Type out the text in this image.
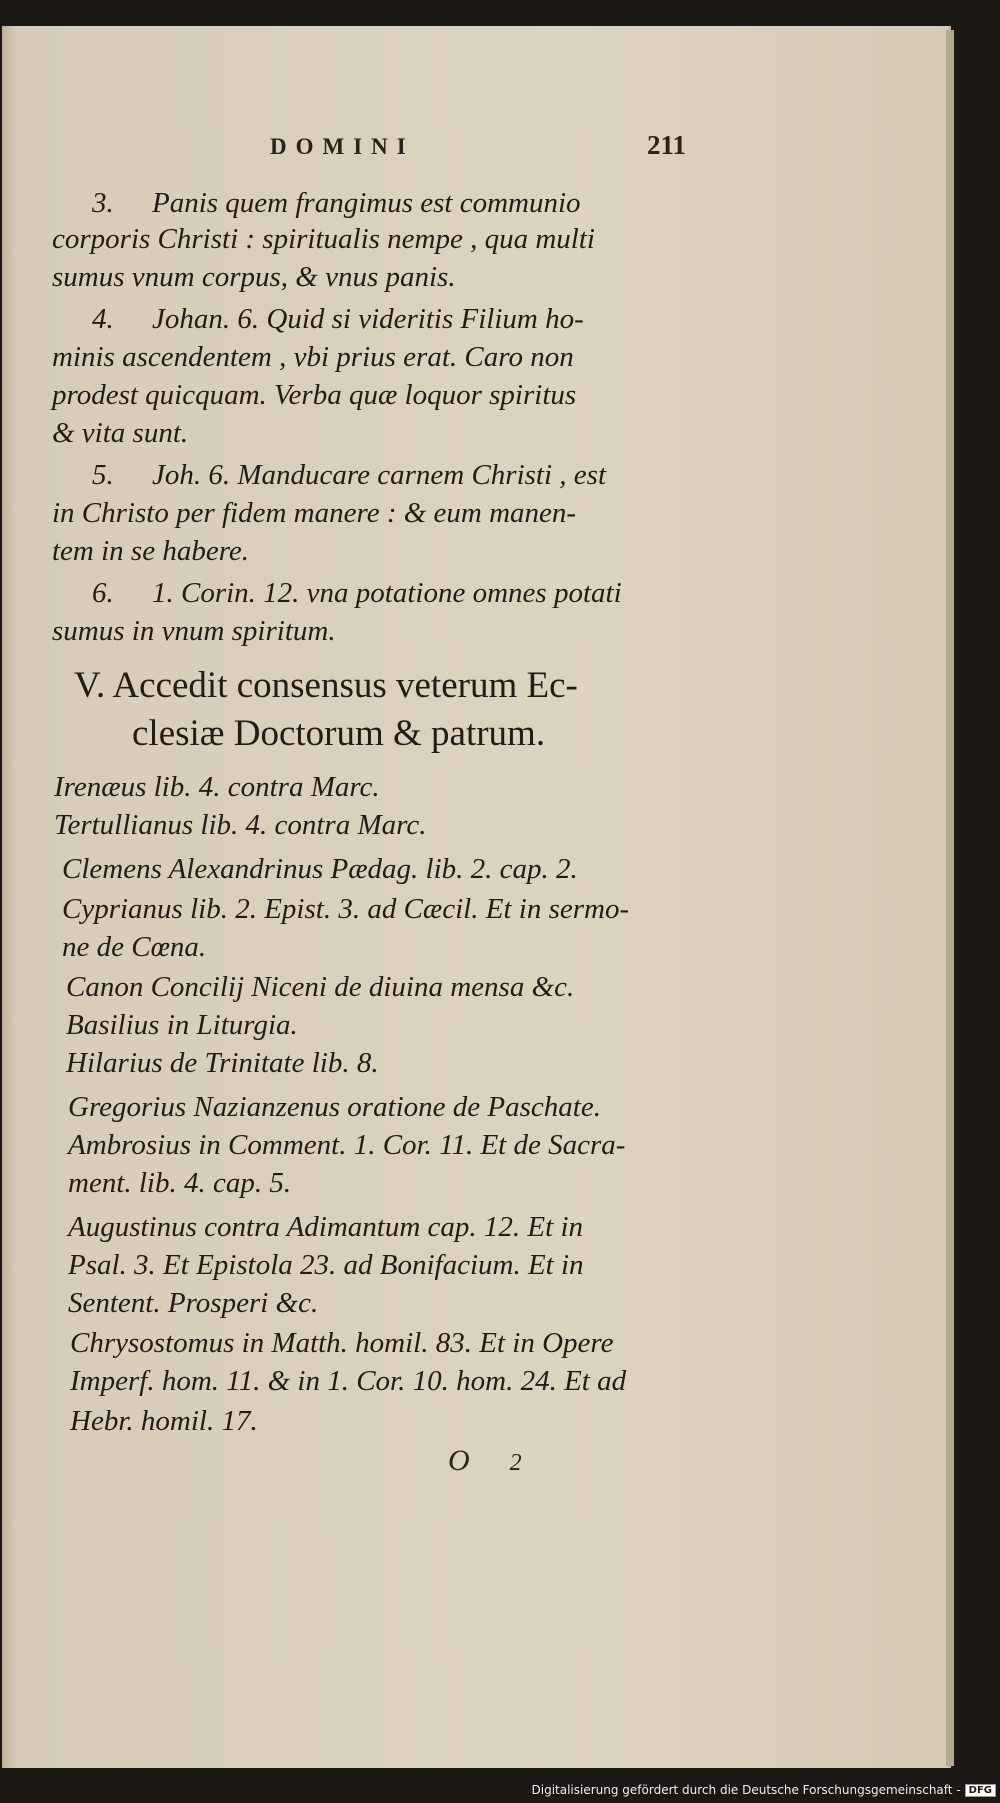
DOMINI	211
3. Panis quem frangimus est communio
corporis Christi : spiritualis nempe , qua multi
sumus vnum corpus, & vnus panis.
4. Johan. 6. Quid si videritis Filium ho-
minis ascendentem , vbi prius erat. Caro non
prodest quicquam. Verba quæ loquor spiritus
& vita sunt.
5. Joh. 6. Manducare carnem Christi , est
in Christo per fidem manere : & eum manen-
tem in se habere.
6. 1. Corin. 12. vna potatione omnes potati
sumus in vnum spiritum.
V. Accedit consensus veterum Ec-
clesiæ Doctorum & patrum.
Irenæus lib. 4. contra Marc.
Tertullianus lib. 4. contra Marc.
Clemens Alexandrinus Pædag. lib. 2. cap. 2.
Cyprianus lib. 2. Epist. 3. ad Cæcil. Et in sermo-
ne de Cœna.
Canon Concilij Niceni de diuina mensa &c.
Basilius in Liturgia.
Hilarius de Trinitate lib. 8.
Gregorius Nazianzenus oratione de Paschate.
Ambrosius in Comment. 1. Cor. 11. Et de Sacra-
ment. lib. 4. cap. 5.
Augustinus contra Adimantum cap. 12. Et in
Psal. 3. Et Epistola 23. ad Bonifacium. Et in
Sentent. Prosperi &c.
Chrysostomus in Matth. homil. 83. Et in Opere
Imperf. hom. 11. & in 1. Cor. 10. hom. 24. Et ad
Hebr. homil. 17.
O 2
Digitalisierung gefördert durch die Deutsche Forschungsgemeinschaft - DFG
